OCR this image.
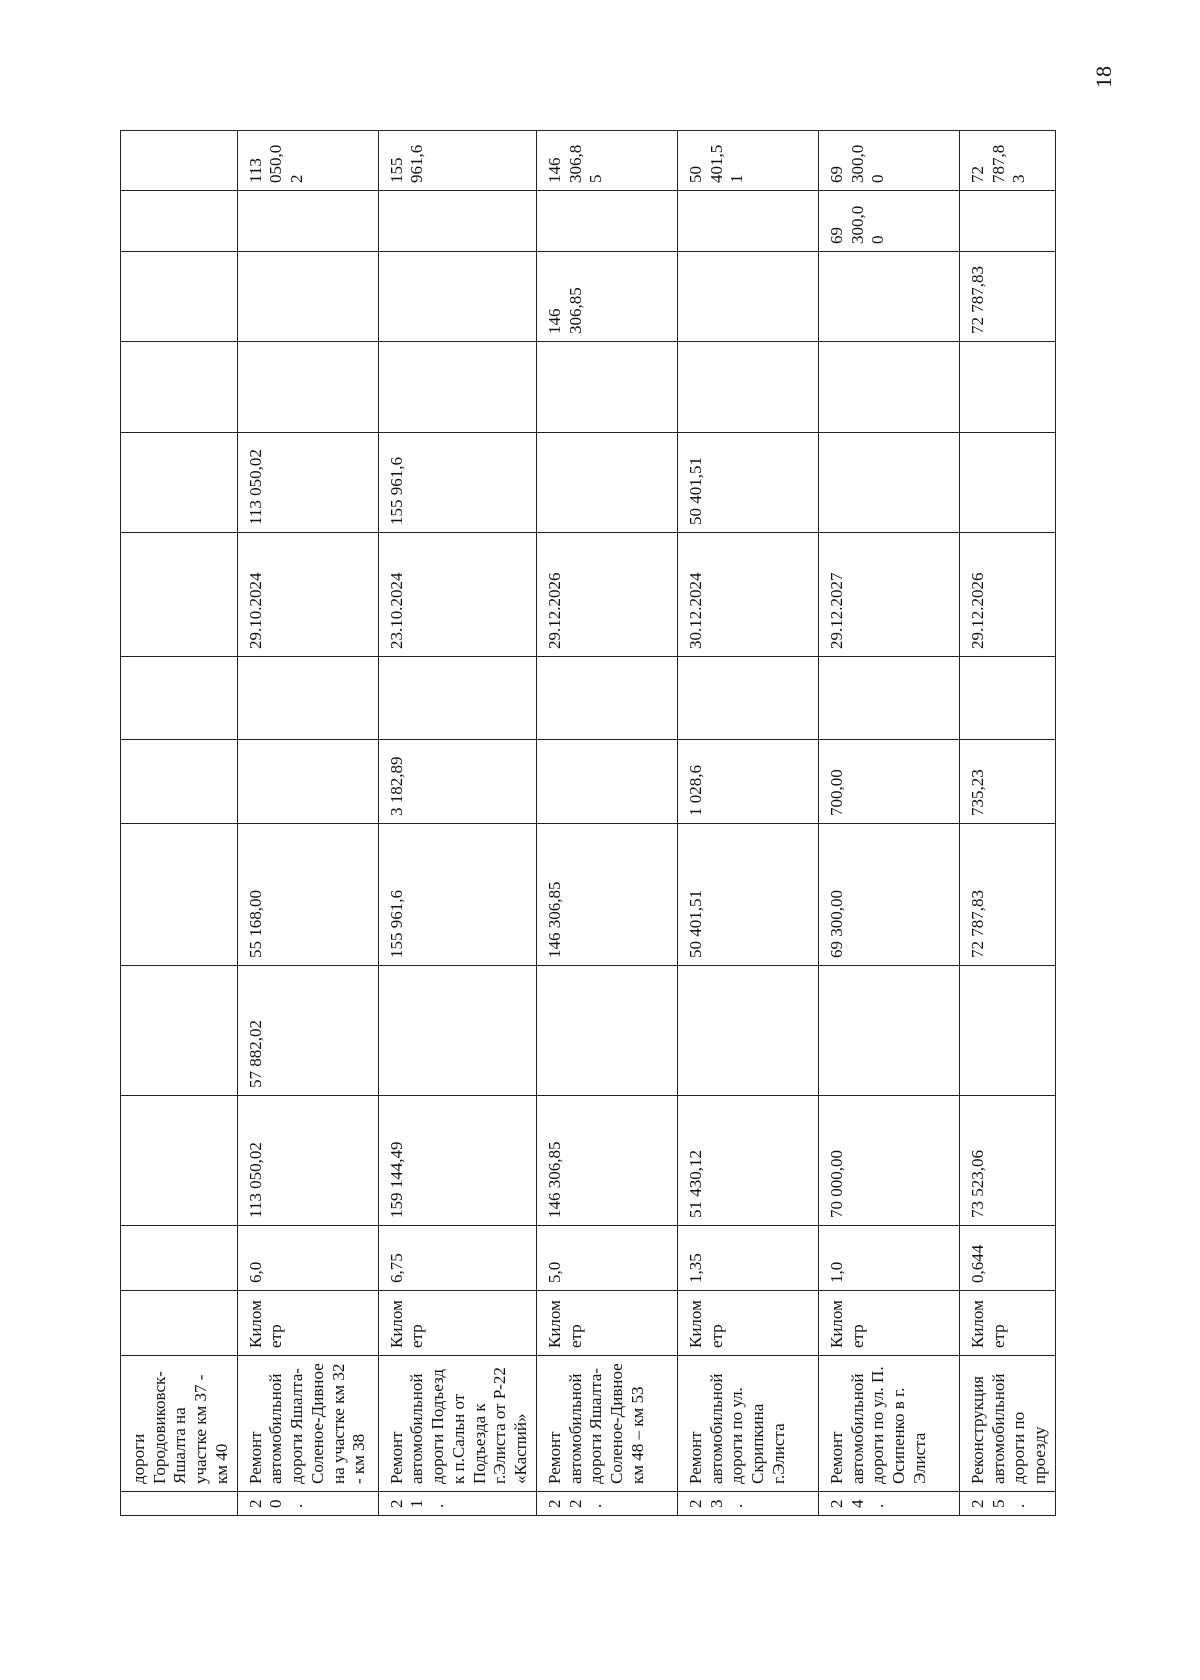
	дороги Городовиковск-Яшалта на участке км 37 - км 40													
20.	Ремонт автомобильной дороги Яшалта-Соленое-Дивное на участке км 32 - км 38	Километр	6,0	113 050,02	57 882,02	55 168,00			29.10.2024	113 050,02				113 050,02
21.	Ремонт автомобильной дороги Подъезд к п.Сальн от Подъезда к г.Элиста от Р-22 «Каспий»	Километр	6,75	159 144,49		155 961,6	3 182,89		23.10.2024	155 961,6				155 961,6
22.	Ремонт автомобильной дороги Яшалта-Соленое-Дивное км 48 – км 53	Километр	5,0	146 306,85		146 306,85			29.12.2026			146 306,85		146 306,85
23.	Ремонт автомобильной дороги по ул. Скрипкина г.Элиста	Километр	1,35	51 430,12		50 401,51	1 028,6		30.12.2024	50 401,51				50 401,51
24.	Ремонт автомобильной дороги по ул. П. Осипенко в г. Элиста	Километр	1,0	70 000,00		69 300,00	700,00		29.12.2027				69 300,00	69 300,00
25.	Реконструкция автомобильной дороги по проезду	Километр	0,644	73 523,06		72 787,83	735,23		29.12.2026			72 787,83		72 787,83
18
